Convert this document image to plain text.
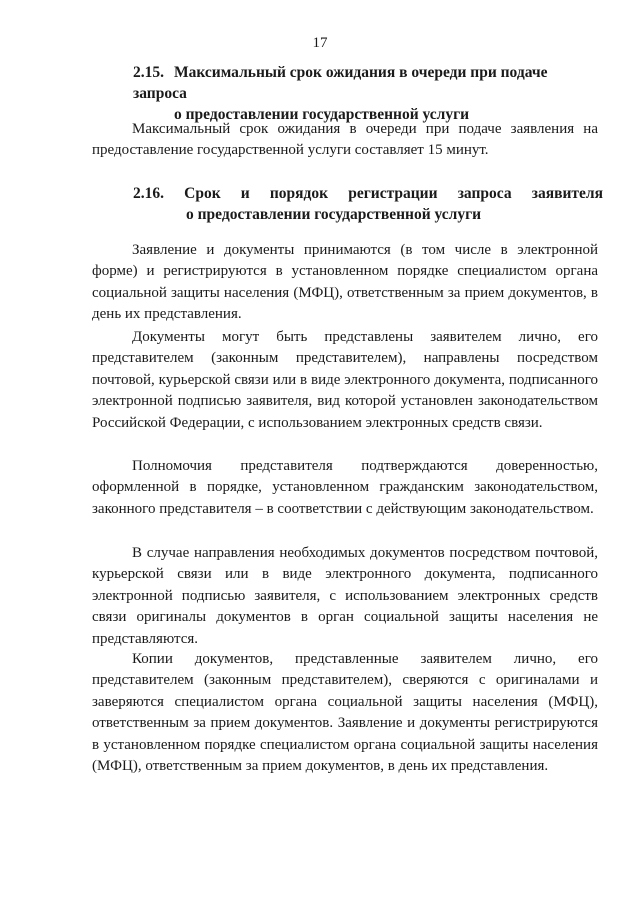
17
2.15. Максимальный срок ожидания в очереди при подаче запроса
о предоставлении государственной услуги

Максимальный срок ожидания в очереди при подаче заявления на предоставление государственной услуги составляет 15 минут.

2.16. Срок и порядок регистрации запроса заявителя
о предоставлении государственной услуги

Заявление и документы принимаются (в том числе в электронной форме) и регистрируются в установленном порядке специалистом органа социальной защиты населения (МФЦ), ответственным за прием документов, в день их представления.

Документы могут быть представлены заявителем лично, его представителем (законным представителем), направлены посредством почтовой, курьерской связи или в виде электронного документа, подписанного электронной подписью заявителя, вид которой установлен законодательством Российской Федерации, с использованием электронных средств связи.

Полномочия представителя подтверждаются доверенностью, оформленной в порядке, установленном гражданским законодательством, законного представителя – в соответствии с действующим законодательством.

В случае направления необходимых документов посредством почтовой, курьерской связи или в виде электронного документа, подписанного электронной подписью заявителя, с использованием электронных средств связи оригиналы документов в орган социальной защиты населения не представляются.

Копии документов, представленные заявителем лично, его представителем (законным представителем), сверяются с оригиналами и заверяются специалистом органа социальной защиты населения (МФЦ), ответственным за прием документов. Заявление и документы регистрируются в установленном порядке специалистом органа социальной защиты населения (МФЦ), ответственным за прием документов, в день их представления.
